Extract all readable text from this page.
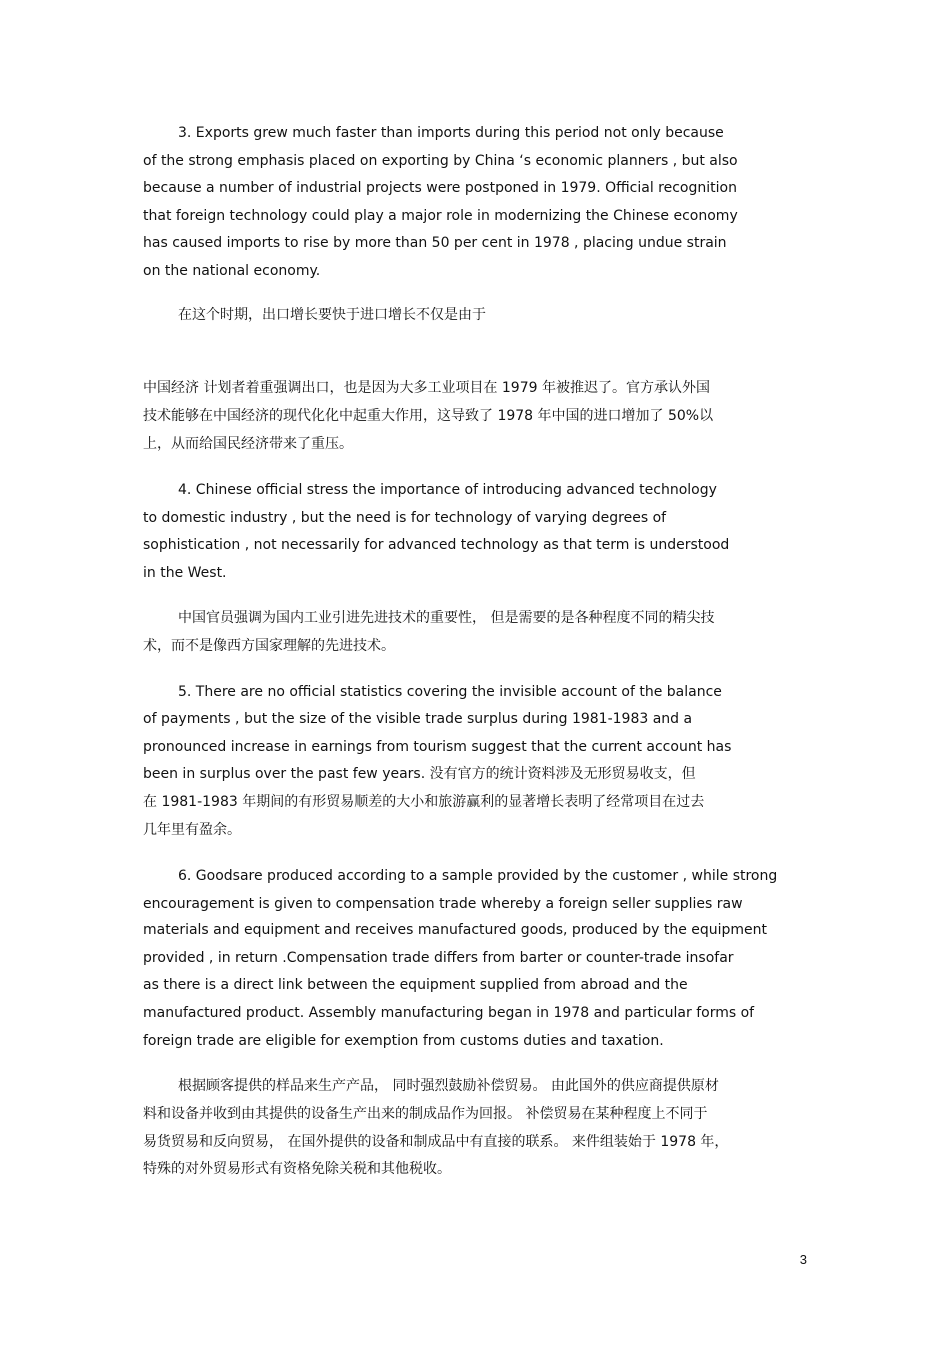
3. Exports grew much faster than imports during this period not only because
of the strong emphasis placed on exporting by China ‘s economic planners , but also
because a number of industrial projects were postponed in 1979. Official recognition
that foreign technology could play a major role in modernizing the Chinese economy
has caused imports to rise by more than 50 per cent in 1978 , placing undue strain
on the national economy.
在这个时期，出口增长要快于进口增长不仅是由于
中国经济 计划者着重强调出口，也是因为大多工业项目在 1979 年被推迟了。官方承认外国
技术能够在中国经济的现代化化中起重大作用，这导致了 1978 年中国的进口增加了 50%以
上，从而给国民经济带来了重压。
4. Chinese official stress the importance of introducing advanced technology
to domestic industry , but the need is for technology of varying degrees of
sophistication , not necessarily for advanced technology as that term is understood
in the West.
中国官员强调为国内工业引进先进技术的重要性， 但是需要的是各种程度不同的精尖技
术，而不是像西方国家理解的先进技术。
5. There are no official statistics covering the invisible account of the balance
of payments , but the size of the visible trade surplus during 1981-1983 and a
pronounced increase in earnings from tourism suggest that the current account has
been in surplus over the past few years. 没有官方的统计资料涉及无形贸易收支，但
在 1981-1983 年期间的有形贸易顺差的大小和旅游赢利的显著增长表明了经常项目在过去
几年里有盈余。
6. Goodsare produced according to a sample provided by the customer , while strong
encouragement is given to compensation trade whereby a foreign seller supplies raw
materials and equipment and receives manufactured goods, produced by the equipment
provided , in return .Compensation trade differs from barter or counter-trade insofar
as there is a direct link between the equipment supplied from abroad and the
manufactured product. Assembly manufacturing began in 1978 and particular forms of
foreign trade are eligible for exemption from customs duties and taxation.
根据顾客提供的样品来生产产品， 同时强烈鼓励补偿贸易。 由此国外的供应商提供原材
料和设备并收到由其提供的设备生产出来的制成品作为回报。 补偿贸易在某种程度上不同于
易货贸易和反向贸易， 在国外提供的设备和制成品中有直接的联系。 来件组装始于 1978 年，
特殊的对外贸易形式有资格免除关税和其他税收。
3
